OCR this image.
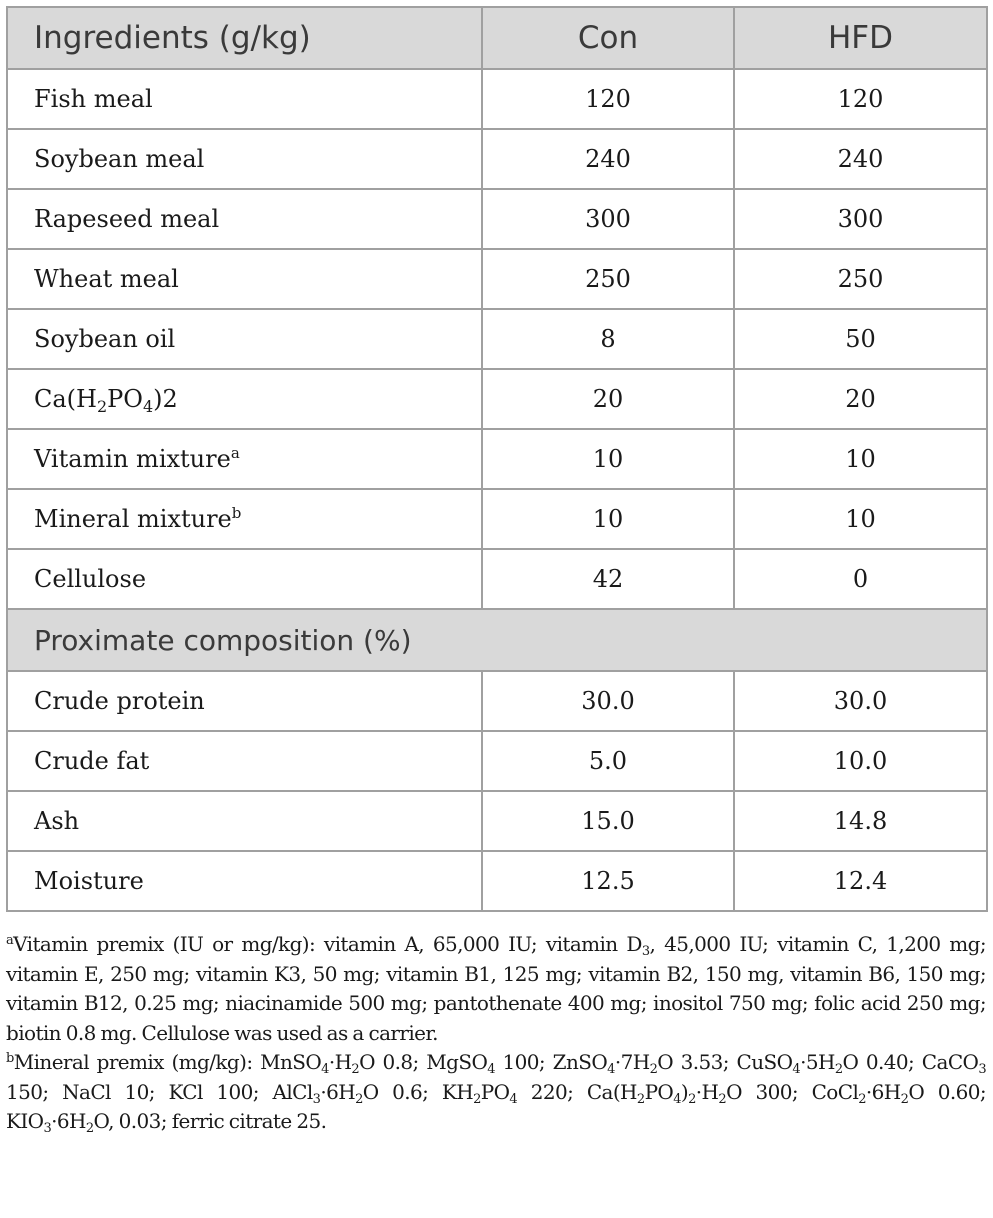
Ingredients (g/kg)	Con	HFD
Fish meal	120	120
Soybean meal	240	240
Rapeseed meal	300	300
Wheat meal	250	250
Soybean oil	8	50
$Ca(H_2PO_4)2$	20	20
Vitamin mixture$^a$	10	10
Mineral mixture$^b$	10	10
Cellulose	42	0
Proximate composition (%)		
Crude protein	30.0	30.0
Crude fat	5.0	10.0
Ash	15.0	14.8
Moisture	12.5	12.4

$^a$Vitamin premix (IU or mg/kg): vitamin A, 65,000 IU; vitamin $D_3$, 45,000 IU; vitamin C, 1,200 mg; vitamin E, 250 mg; vitamin K3, 50 mg; vitamin B1, 125 mg; vitamin B2, 150 mg, vitamin B6, 150 mg; vitamin B12, 0.25 mg; niacinamide 500 mg; pantothenate 400 mg; inositol 750 mg; folic acid 250 mg; biotin 0.8 mg. Cellulose was used as a carrier.

$^b$Mineral premix (mg/kg): $MnSO_4\cdot H_2O$ 0.8; MgSO$_4$ 100; $ZnSO_4\cdot 7H_2O$ 3.53; $CuSO_4\cdot 5H_2O$ 0.40; CaCO$_3$ 150; NaCl 10; KCl 100; $AlCl_3\cdot 6H_2O$ 0.6; $KH_2PO_4$ 220; $Ca(H_2PO_4)_2\cdot H_2O$ 300; $CoCl_2\cdot 6H_2O$ 0.60; $KIO_3\cdot 6H_2O$, 0.03; ferric citrate 25.
